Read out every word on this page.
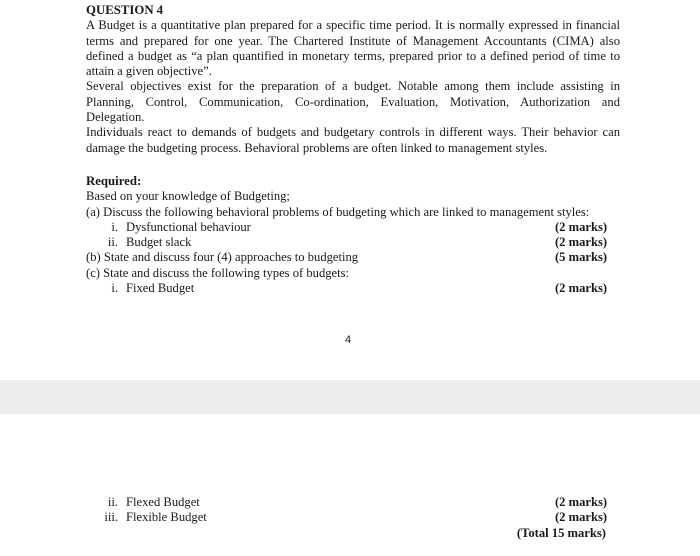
QUESTION 4

A Budget is a quantitative plan prepared for a specific time period. It is normally expressed in financial terms and prepared for one year. The Chartered Institute of Management Accountants (CIMA) also defined a budget as “a plan quantified in monetary terms, prepared prior to a defined period of time to attain a given objective”.

Several objectives exist for the preparation of a budget. Notable among them include assisting in Planning, Control, Communication, Co-ordination, Evaluation, Motivation, Authorization and Delegation.

Individuals react to demands of budgets and budgetary controls in different ways. Their behavior can damage the budgeting process. Behavioral problems are often linked to management styles.

Required:

Based on your knowledge of Budgeting;

(a) Discuss the following behavioral problems of budgeting which are linked to management styles:

i. Dysfunctional behaviour	(2 marks)
ii. Budget slack	(2 marks)
(b) State and discuss four (4) approaches to budgeting	(5 marks)

(c) State and discuss the following types of budgets:

i. Fixed Budget	(2 marks)
4
ii. Flexed Budget	(2 marks)
iii. Flexible Budget	(2 marks)
(Total 15 marks)
